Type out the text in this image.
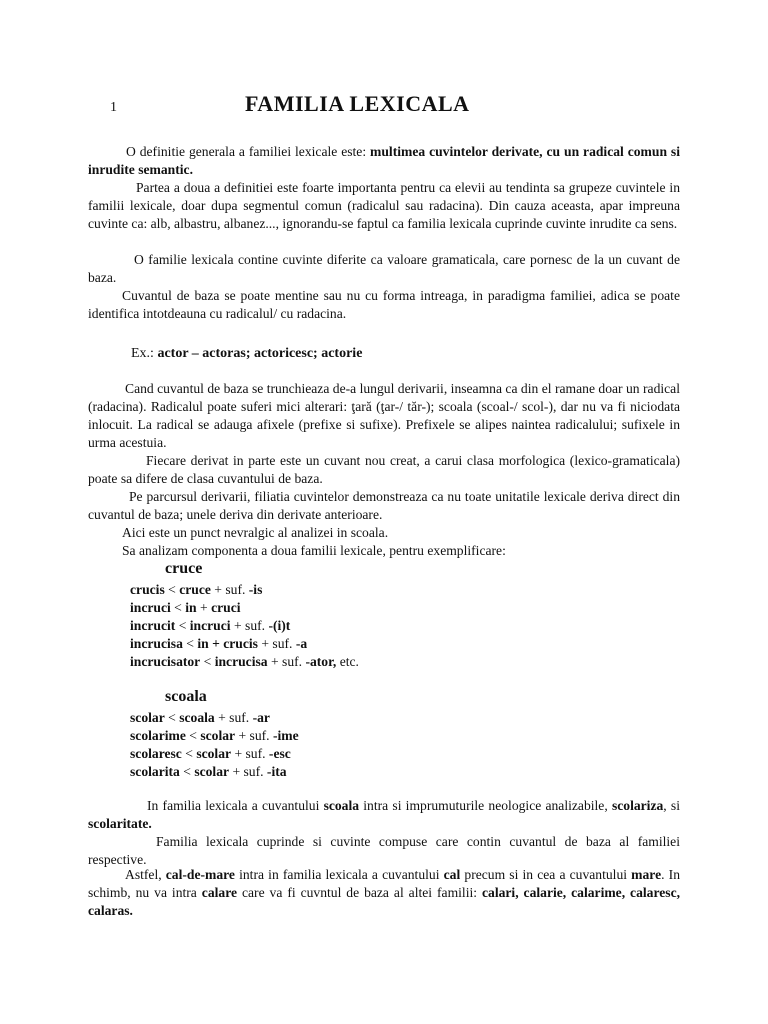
1	FAMILIA LEXICALA

O definitie generala a familiei lexicale este: multimea cuvintelor derivate, cu un radical comun si inrudite semantic.

Partea a doua a definitiei este foarte importanta pentru ca elevii au tendinta sa grupeze cuvintele in familii lexicale, doar dupa segmentul comun (radicalul sau radacina). Din cauza aceasta, apar impreuna cuvinte ca: alb, albastru, albanez..., ignorandu-se faptul ca familia lexicala cuprinde cuvinte inrudite ca sens.

O familie lexicala contine cuvinte diferite ca valoare gramaticala, care pornesc de la un cuvant de baza.

Cuvantul de baza se poate mentine sau nu cu forma intreaga, in paradigma familiei, adica se poate identifica intotdeauna cu radicalul/ cu radacina.

Ex.: actor – actoras; actoricesc; actorie

Cand cuvantul de baza se trunchieaza de-a lungul derivarii, inseamna ca din el ramane doar un radical (radacina). Radicalul poate suferi mici alterari: ţară (ţar-/ tăr-); scoala (scoal-/ scol-), dar nu va fi niciodata inlocuit. La radical se adauga afixele (prefixe si sufixe). Prefixele se alipes naintea radicalului; sufixele in urma acestuia.

Fiecare derivat in parte este un cuvant nou creat, a carui clasa morfologica (lexico-gramaticala) poate sa difere de clasa cuvantului de baza.

Pe parcursul derivarii, filiatia cuvintelor demonstreaza ca nu toate unitatile lexicale deriva direct din cuvantul de baza; unele deriva din derivate anterioare.

Aici este un punct nevralgic al analizei in scoala.

Sa analizam componenta a doua familii lexicale, pentru exemplificare:

cruce
crucis < cruce + suf. -is
incruci < in + cruci
incrucit < incruci + suf. -(i)t
incrucisa < in + crucis + suf. -a
incrucisator < incrucisa + suf. -ator, etc.
scoala
scolar < scoala + suf. -ar
scolarime < scolar + suf. -ime
scolaresc < scolar + suf. -esc
scolarita < scolar + suf. -ita

In familia lexicala a cuvantului scoala intra si imprumuturile neologice analizabile, scolariza, si scolaritate.

Familia lexicala cuprinde si cuvinte compuse care contin cuvantul de baza al familiei respective.

Astfel, cal-de-mare intra in familia lexicala a cuvantului cal precum si in cea a cuvantului mare. In schimb, nu va intra calare care va fi cuvntul de baza al altei familii: calari, calarie, calarime, calaresc, calaras.
